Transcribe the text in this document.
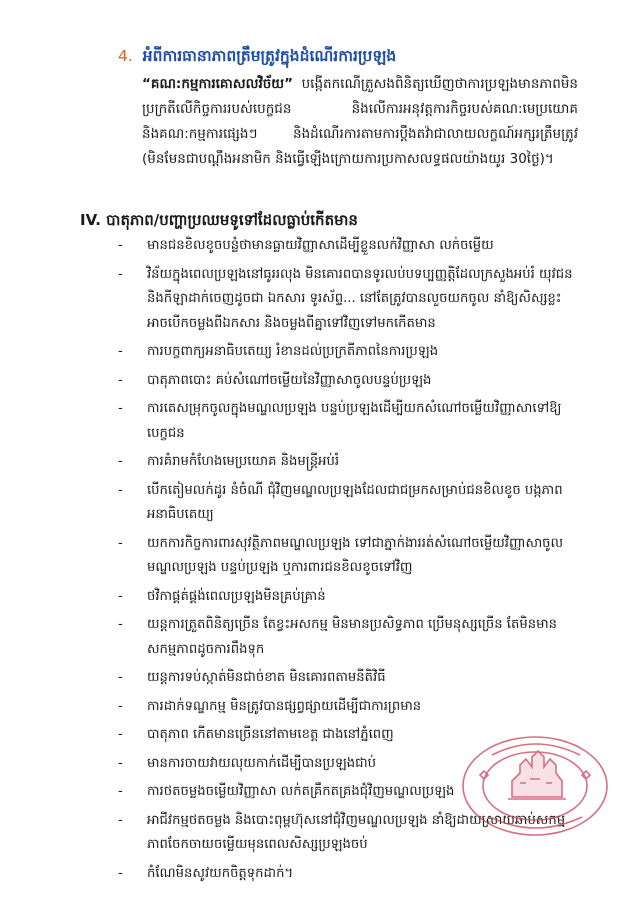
4. អំពីការធានាភាពត្រឹមត្រូវក្នុងដំណើរការប្រឡង
“គណ:កម្មការគោសលវិច័យ” បង្កើតកណើត្រួសងពិនិត្យឃើញថាការប្រឡងមានភាពមិនប្រក្រតីលើកិច្ចការរបស់បេក្ខជន និងលើការអនុវត្តការកិច្ចរបស់គណ:មេប្រយោគ និងគណ:កម្មការផ្សេងៗ និងដំណើរការតាមការប្តឹងតវ៉ាជាលាយលក្ខណ៍អក្សរត្រឹមត្រូវ (មិនមែនជាបណ្តឹងអនាមិក និងធ្វើឡើងក្រោយការប្រកាសលទ្ធផលយ៉ាងយូរ 30ថ្ងៃ)។
IV. បាតុភាព/បញ្ហាប្រឈមទូទៅដែលធ្លាប់កើតមាន
- មានជនខិលខូចបន្លំថាមានធ្លាយវិញ្ញាសាដើម្បីខ្លួនលក់វិញ្ញាសា លក់ចម្លើយ
- វិន័យក្នុងពេលប្រឡងនៅធូររលុង មិនគោរពបានទូរលប់បទប្បញ្ញត្តិដែលក្រសួងអប់រំ យុវជន និងកីឡាដាក់ចេញដូចជា ឯកសារ ទូរស័ព្ទ... នៅតែត្រូវបានលួចយកចូល នាំឱ្យសិស្សខ្លះអាចបើកចម្លងពីឯកសារ និងចម្លងពីគ្នាទៅវិញទៅមកកើតមាន
- ការបក្ខពាក្យអនាធិបតេយ្យ រំខានដល់ប្រក្រតីភាពនៃការប្រឡង
- បាតុភាពបោះ គប់សំណៅចម្លើយនៃវិញ្ញាសាចូលបន្ទប់ប្រឡង
- ការតេសម្រុកចូលក្នុងមណ្ឌលប្រឡង បន្ទប់ប្រឡងដើម្បីយកសំណៅចម្លើយវិញ្ញាសាទៅឱ្យបេក្ខជន
- ការគំរាមកំហែងមេប្រយោគ និងមន្ត្រីអប់រំ
- បើកតៀមលក់ដូរ នំចំណី ជុំវិញមណ្ឌលប្រឡងដែលជាជម្រកសម្រាប់ជនខិលខូច បង្កភាពអនាធិបតេយ្យ
- យកការកិច្ចការពារសុវត្ថិភាពមណ្ឌលប្រឡង ទៅជាភ្នាក់ងាររត់សំណៅចម្លើយវិញ្ញាសាចូលមណ្ឌលប្រឡង បន្ទប់ប្រឡង ឬការពារជនខិលខូចទៅវិញ
- ថវិកាផ្គត់ផ្គង់ពេលប្រឡងមិនគ្រប់គ្រាន់
- យន្តការត្រួតពិនិត្យច្រើន តែខ្វះអសកម្ម មិនមានប្រសិទ្ធភាព ប្រើមនុស្សច្រើន តែមិនមានសកម្មភាពដូចការពឹងទុក
- យន្តការទប់ស្កាត់មិនជាច់ខាត មិនគោរពតាមនីតិវិធី
- ការដាក់ទណ្ឌកម្ម មិនត្រូវបានផ្សព្វផ្សាយដើម្បីជាការព្រមាន
- បាតុភាព កើតមានច្រើននៅតាមខេត្ត ជាងនៅភ្នំពេញ
- មានការចាយវាយលុយកាក់ដើម្បីបានប្រឡងជាប់
- ការថតចម្លងចម្លើយវិញ្ញាសា លក់តគ្រឹកតគ្រងជុំវិញមណ្ឌលប្រឡង
- អាជីវកម្មថតចម្លង និងបោះពុម្ពហ៊ុសនៅជុំវិញមណ្ឌលប្រឡង នាំឱ្យដាយស្រាយឆាប់សកម្មភាពចែកចាយចម្លើយមុនពេលសិស្សប្រឡងចប់
- កំណែមិនសូវយកចិត្តទុកដាក់។
